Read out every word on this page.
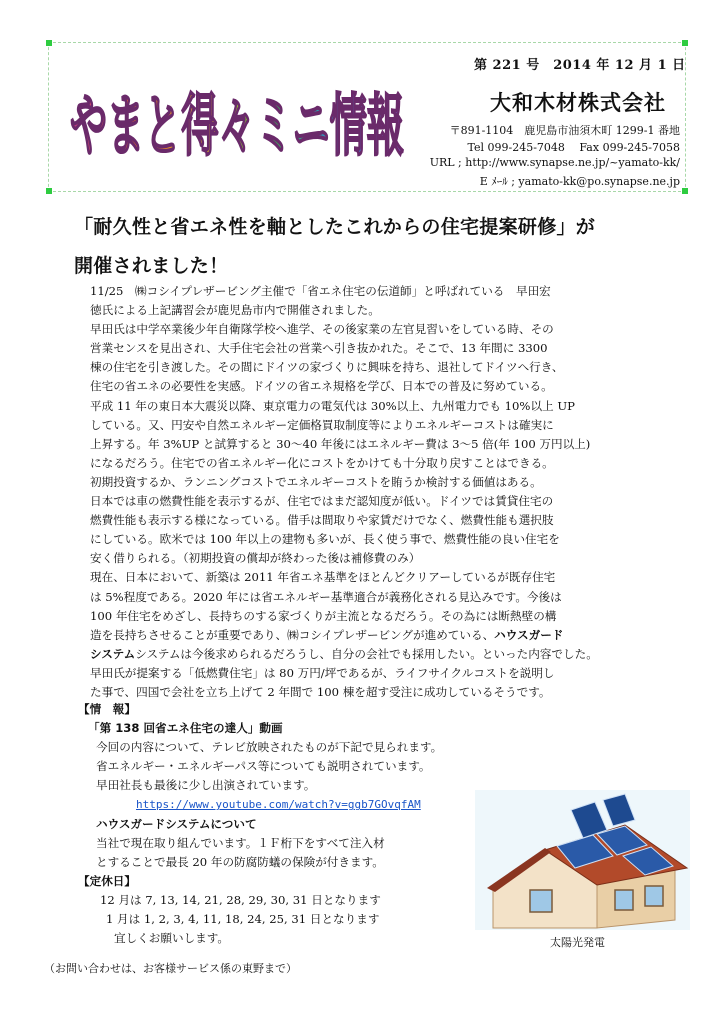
やまと得々ミニ情報
第 221 号　2014 年 12 月 1 日
大和木材株式会社
〒891-1104　鹿児島市油須木町 1299-1 番地
Tel 099-245-7048　 Fax 099-245-7058
URL ; http://www.synapse.ne.jp/~yamato-kk/
E ﾒｰﾙ ; yamato-kk@po.synapse.ne.jp
「耐久性と省エネ性を軸としたこれからの住宅提案研修」が
開催されました！

11/25　㈱コシイプレザービング主催で「省エネ住宅の伝道師」と呼ばれている　早田宏

徳氏による上記講習会が鹿児島市内で開催されました。

早田氏は中学卒業後少年自衛隊学校へ進学、その後家業の左官見習いをしている時、その

営業センスを見出され、大手住宅会社の営業へ引き抜かれた。そこで、13 年間に 3300

棟の住宅を引き渡した。その間にドイツの家づくりに興味を持ち、退社してドイツへ行き、

住宅の省エネの必要性を実感。ドイツの省エネ規格を学び、日本での普及に努めている。

平成 11 年の東日本大震災以降、東京電力の電気代は 30%以上、九州電力でも 10%以上 UP

している。又、円安や自然エネルギー定価格買取制度等によりエネルギーコストは確実に

上昇する。年 3%UP と試算すると 30～40 年後にはエネルギー費は 3～5 倍(年 100 万円以上)

になるだろう。住宅での省エネルギー化にコストをかけても十分取り戻すことはできる。

初期投資するか、ランニングコストでエネルギーコストを賄うか検討する価値はある。

日本では車の燃費性能を表示するが、住宅ではまだ認知度が低い。ドイツでは賃貸住宅の

燃費性能も表示する様になっている。借手は間取りや家賃だけでなく、燃費性能も選択肢

にしている。欧米では 100 年以上の建物も多いが、長く使う事で、燃費性能の良い住宅を

安く借りられる。（初期投資の償却が終わった後は補修費のみ）

現在、日本において、新築は 2011 年省エネ基準をほとんどクリアーしているが既存住宅

は 5%程度である。2020 年には省エネルギー基準適合が義務化される見込みです。今後は

100 年住宅をめざし、長持ちのする家づくりが主流となるだろう。その為には断熱壁の構

造を長持ちさせることが重要であり、㈱コシイプレザービングが進めている、ハウスガード

システムシステムは今後求められるだろうし、自分の会社でも採用したい。といった内容でした。

早田氏が提案する「低燃費住宅」は 80 万円/坪であるが、ライフサイクルコストを説明し

た事で、四国で会社を立ち上げて 2 年間で 100 棟を超す受注に成功しているそうです。

【情　報】

「第 138 回省エネ住宅の達人」動画

今回の内容について、テレビ放映されたものが下記で見られます。

省エネルギー・エネルギーパス等についても説明されています。

早田社長も最後に少し出演されています。

https://www.youtube.com/watch?v=ggb7GOvqfAM

ハウスガードシステムについて

当社で現在取り組んでいます。１Ｆ桁下をすべて注入材

とすることで最長 20 年の防腐防蟻の保険が付きます。

【定休日】

12 月は 7, 13, 14, 21, 28, 29, 30, 31 日となります

1 月は 1, 2, 3, 4, 11, 18, 24, 25, 31 日となります

宜しくお願いします。	太陽光発電
（お問い合わせは、お客様サービス係の東野まで）
